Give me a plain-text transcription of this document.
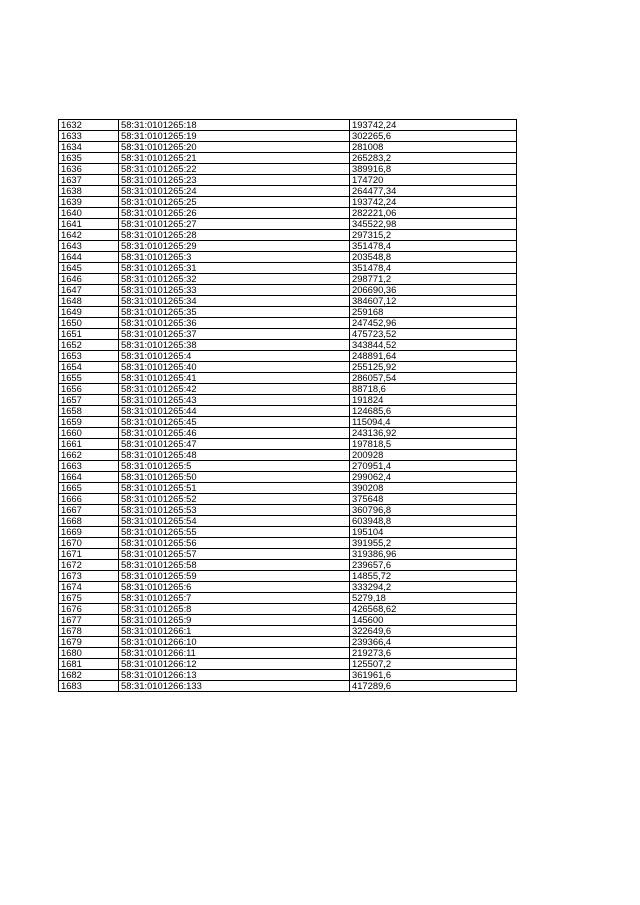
1632	58:31:0101265:18	193742,24
1633	58:31:0101265:19	302265,6
1634	58:31:0101265:20	281008
1635	58:31:0101265:21	265283,2
1636	58:31:0101265:22	389916,8
1637	58:31:0101265:23	174720
1638	58:31:0101265:24	264477,34
1639	58:31:0101265:25	193742,24
1640	58:31:0101265:26	282221,06
1641	58:31:0101265:27	345522,98
1642	58:31:0101265:28	297315,2
1643	58:31:0101265:29	351478,4
1644	58:31:0101265:3	203548,8
1645	58:31:0101265:31	351478,4
1646	58:31:0101265:32	298771,2
1647	58:31:0101265:33	206690,36
1648	58:31:0101265:34	384607,12
1649	58:31:0101265:35	259168
1650	58:31:0101265:36	247452,96
1651	58:31:0101265:37	475723,52
1652	58:31:0101265:38	343844,52
1653	58:31:0101265:4	248891,64
1654	58:31:0101265:40	255125,92
1655	58:31:0101265:41	286057,54
1656	58:31:0101265:42	88718,6
1657	58:31:0101265:43	191824
1658	58:31:0101265:44	124685,6
1659	58:31:0101265:45	115094,4
1660	58:31:0101265:46	243136,92
1661	58:31:0101265:47	197818,5
1662	58:31:0101265:48	200928
1663	58:31:0101265:5	270951,4
1664	58:31:0101265:50	299062,4
1665	58:31:0101265:51	390208
1666	58:31:0101265:52	375648
1667	58:31:0101265:53	360796,8
1668	58:31:0101265:54	603948,8
1669	58:31:0101265:55	195104
1670	58:31:0101265:56	391955,2
1671	58:31:0101265:57	319386,96
1672	58:31:0101265:58	239657,6
1673	58:31:0101265:59	14855,72
1674	58:31:0101265:6	333294,2
1675	58:31:0101265:7	5279,18
1676	58:31:0101265:8	426568,62
1677	58:31:0101265:9	145600
1678	58:31:0101266:1	322649,6
1679	58:31:0101266:10	239366,4
1680	58:31:0101266:11	219273,6
1681	58:31:0101266:12	125507,2
1682	58:31:0101266:13	361961,6
1683	58:31:0101266:133	417289,6
